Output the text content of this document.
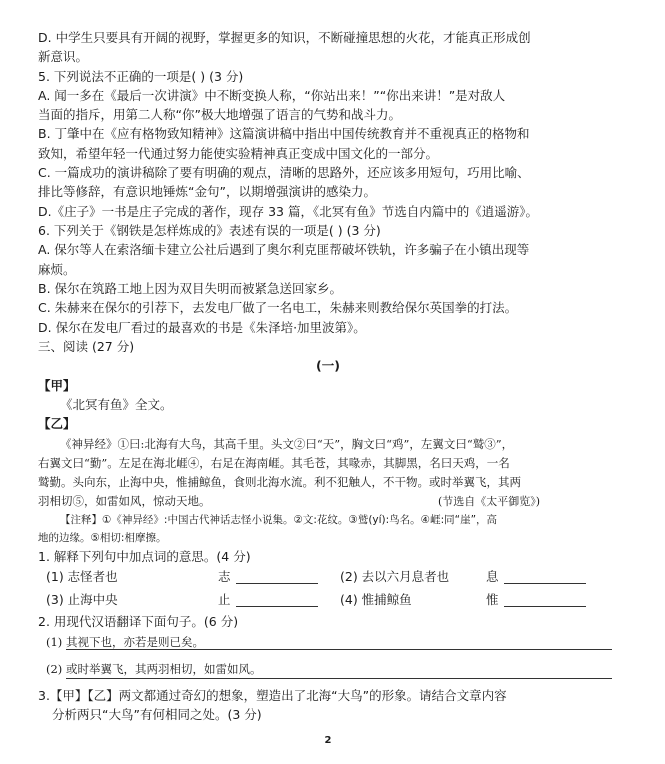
D. 中学生只要具有开阔的视野，掌握更多的知识，不断碰撞思想的火花，才能真正形成创
新意识。
5. 下列说法不正确的一项是( ) (3 分)
A. 闻一多在《最后一次讲演》中不断变换人称，“你站出来！”“你出来讲！”是对敌人
当面的指斥，用第二人称“你”极大地增强了语言的气势和战斗力。
B. 丁肇中在《应有格物致知精神》这篇演讲稿中指出中国传统教育并不重视真正的格物和
致知，希望年轻一代通过努力能使实验精神真正变成中国文化的一部分。
C. 一篇成功的演讲稿除了要有明确的观点，清晰的思路外，还应该多用短句，巧用比喻、
排比等修辞，有意识地锤炼“金句”，以期增强演讲的感染力。
D.《庄子》一书是庄子完成的著作，现存 33 篇，《北冥有鱼》节选自内篇中的《逍遥游》。
6. 下列关于《钢铁是怎样炼成的》表述有误的一项是( ) (3 分)
A. 保尔等人在索洛缅卡建立公社后遇到了奥尔利克匪帮破坏铁轨，许多骗子在小镇出现等
麻烦。
B. 保尔在筑路工地上因为双目失明而被紧急送回家乡。
C. 朱赫来在保尔的引荐下，去发电厂做了一名电工，朱赫来则教给保尔英国拳的打法。
D. 保尔在发电厂看过的最喜欢的书是《朱泽培·加里波第》。
三、阅读 (27 分)
(一)
【甲】
《北冥有鱼》全文。
【乙】
《神异经》①曰:北海有大鸟，其高千里。头文②曰“天”，胸文曰“鸡”，左翼文曰“鹫③”，
右翼文曰“勤”。左足在海北崕④，右足在海南崕。其毛苍，其喙赤，其脚黑，名曰天鸡，一名
鹫勤。头向东，止海中央，惟捕鲸鱼，食则北海水流。利不犯触人，不干物。或时举翼飞，其两
羽相切⑤，如雷如风，惊动天地。	(节选自《太平御览》)
【注释】①《神异经》:中国古代神话志怪小说集。②文:花纹。③鹫(yí):鸟名。④崕:同“崖”，高
地的边缘。⑤相切:相摩擦。
1. 解释下列句中加点词的意思。(4 分)
(1) 志怪者也	志	(2) 去以六月息者也	息
(3) 止海中央	止	(4) 惟捕鲸鱼	惟
2. 用现代汉语翻译下面句子。(6 分)
(1) 其视下也，亦若是则已矣。
(2) 或时举翼飞，其两羽相切，如雷如风。
3.【甲】【乙】两文都通过奇幻的想象，塑造出了北海“大鸟”的形象。请结合文章内容
分析两只“大鸟”有何相同之处。(3 分)
2
